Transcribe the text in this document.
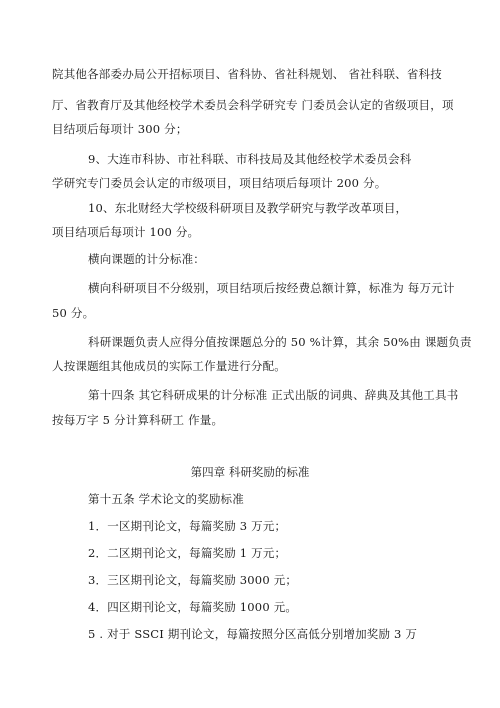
院其他各部委办局公开招标项目、省科协、省社科规划、 省社科联、省科技
厅、省教育厅及其他经校学术委员会科学研究专 门委员会认定的省级项目，项
目结项后每项计 300 分；
9、大连市科协、市社科联、市科技局及其他经校学术委员会科
学研究专门委员会认定的市级项目，项目结项后每项计 200 分。
10、东北财经大学校级科研项目及教学研究与教学改革项目，
项目结项后每项计 100 分。
横向课题的计分标准：
横向科研项目不分级别，项目结项后按经费总额计算，标准为 每万元计
50 分。
科研课题负责人应得分值按课题总分的 50 %计算，其余 50%由 课题负责
人按课题组其他成员的实际工作量进行分配。
第十四条 其它科研成果的计分标准 正式出版的词典、辞典及其他工具书
按每万字 5 分计算科研工 作量。
第四章 科研奖励的标准
第十五条 学术论文的奖励标准
1．一区期刊论文，每篇奖励 3 万元；
2．二区期刊论文，每篇奖励 1 万元；
3．三区期刊论文，每篇奖励 3000 元；
4．四区期刊论文，每篇奖励 1000 元。
5 . 对于 SSCI 期刊论文，每篇按照分区高低分别增加奖励 3 万
